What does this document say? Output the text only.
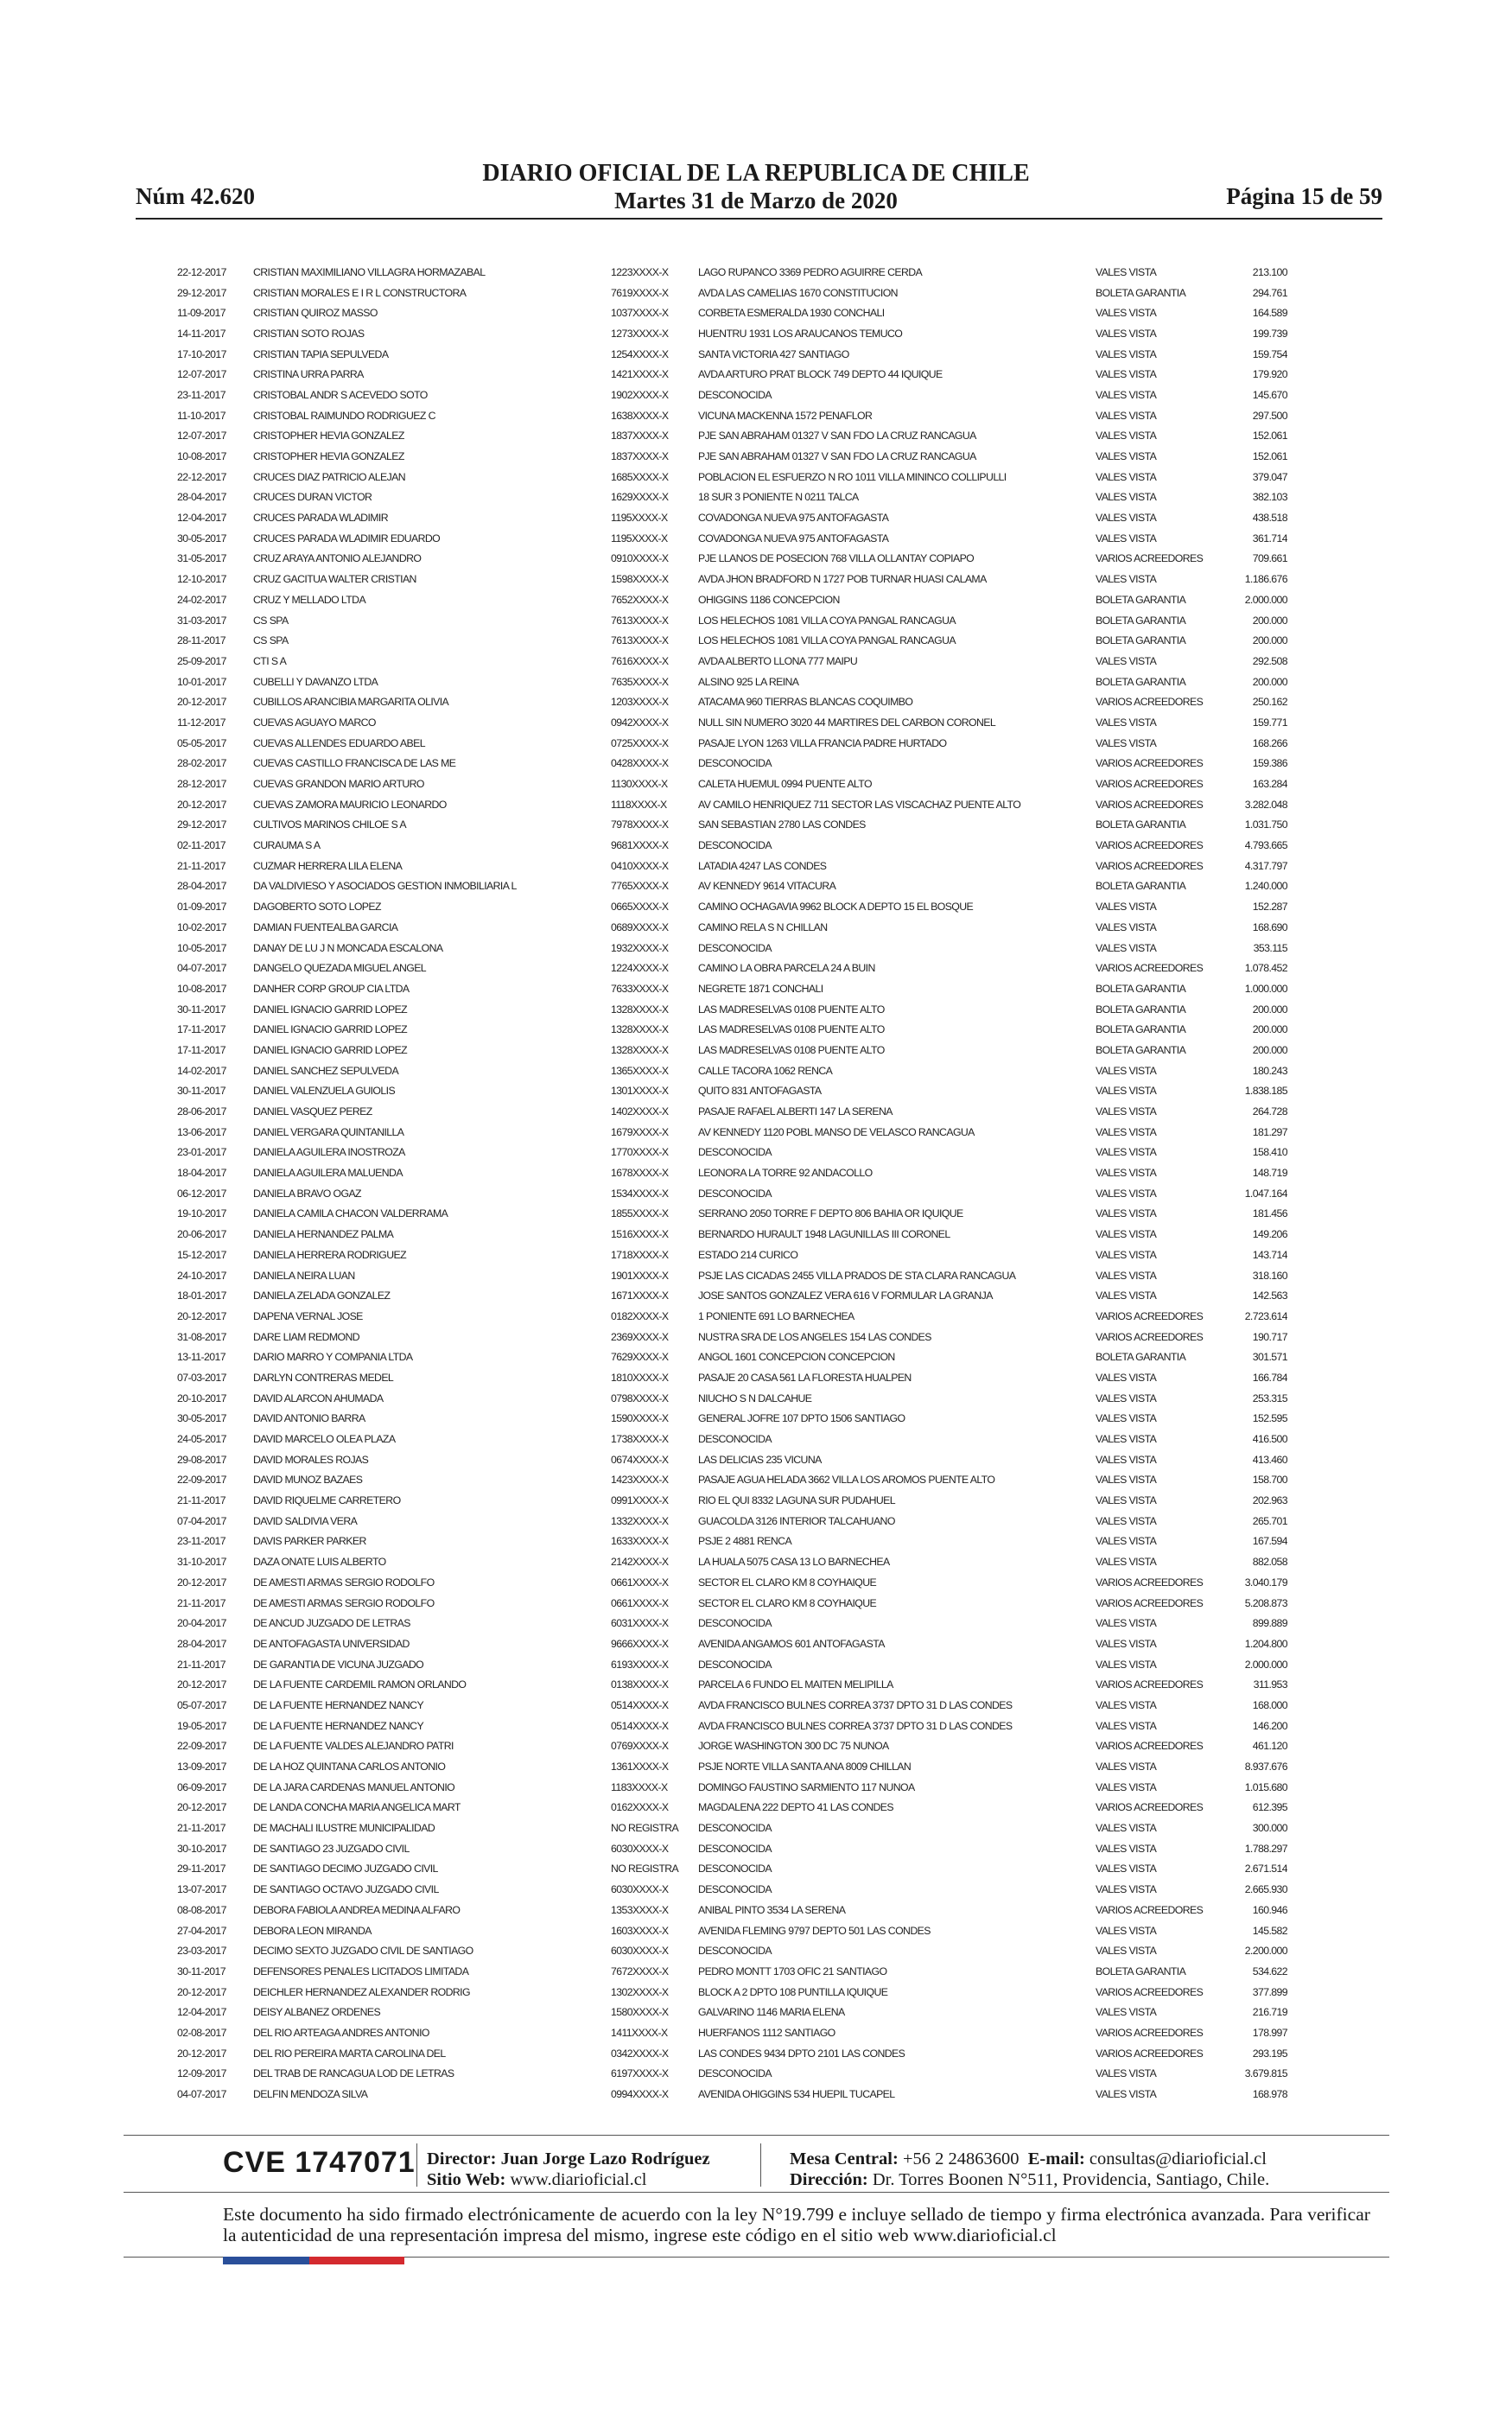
Núm 42.620
DIARIO OFICIAL DE LA REPUBLICA DE CHILE
Martes 31 de Marzo de 2020	Página 15 de 59
22-12-2017	CRISTIAN MAXIMILIANO VILLAGRA HORMAZABAL	1223XXXX-X	LAGO RUPANCO 3369 PEDRO AGUIRRE CERDA	VALES VISTA	213.100
29-12-2017	CRISTIAN MORALES E I R L CONSTRUCTORA	7619XXXX-X	AVDA LAS CAMELIAS 1670 CONSTITUCION	BOLETA GARANTIA	294.761
11-09-2017	CRISTIAN QUIROZ MASSO	1037XXXX-X	CORBETA ESMERALDA 1930 CONCHALI	VALES VISTA	164.589
14-11-2017	CRISTIAN SOTO ROJAS	1273XXXX-X	HUENTRU 1931 LOS ARAUCANOS TEMUCO	VALES VISTA	199.739
17-10-2017	CRISTIAN TAPIA SEPULVEDA	1254XXXX-X	SANTA VICTORIA 427 SANTIAGO	VALES VISTA	159.754
12-07-2017	CRISTINA URRA PARRA	1421XXXX-X	AVDA ARTURO PRAT BLOCK 749 DEPTO 44 IQUIQUE	VALES VISTA	179.920
23-11-2017	CRISTOBAL ANDR S ACEVEDO SOTO	1902XXXX-X	DESCONOCIDA	VALES VISTA	145.670
11-10-2017	CRISTOBAL RAIMUNDO RODRIGUEZ C	1638XXXX-X	VICUNA MACKENNA 1572 PENAFLOR	VALES VISTA	297.500
12-07-2017	CRISTOPHER HEVIA GONZALEZ	1837XXXX-X	PJE SAN ABRAHAM 01327 V SAN FDO LA CRUZ RANCAGUA	VALES VISTA	152.061
10-08-2017	CRISTOPHER HEVIA GONZALEZ	1837XXXX-X	PJE SAN ABRAHAM 01327 V SAN FDO LA CRUZ RANCAGUA	VALES VISTA	152.061
22-12-2017	CRUCES DIAZ PATRICIO ALEJAN	1685XXXX-X	POBLACION EL ESFUERZO N RO 1011 VILLA MININCO COLLIPULLI	VALES VISTA	379.047
28-04-2017	CRUCES DURAN VICTOR	1629XXXX-X	18 SUR 3 PONIENTE N 0211 TALCA	VALES VISTA	382.103
12-04-2017	CRUCES PARADA WLADIMIR	1195XXXX-X	COVADONGA NUEVA 975 ANTOFAGASTA	VALES VISTA	438.518
30-05-2017	CRUCES PARADA WLADIMIR EDUARDO	1195XXXX-X	COVADONGA NUEVA 975 ANTOFAGASTA	VALES VISTA	361.714
31-05-2017	CRUZ ARAYA ANTONIO ALEJANDRO	0910XXXX-X	PJE LLANOS DE POSECION 768 VILLA OLLANTAY COPIAPO	VARIOS ACREEDORES	709.661
12-10-2017	CRUZ GACITUA WALTER CRISTIAN	1598XXXX-X	AVDA JHON BRADFORD N 1727 POB TURNAR HUASI CALAMA	VALES VISTA	1.186.676
24-02-2017	CRUZ Y MELLADO LTDA	7652XXXX-X	OHIGGINS 1186 CONCEPCION	BOLETA GARANTIA	2.000.000
31-03-2017	CS SPA	7613XXXX-X	LOS HELECHOS 1081 VILLA COYA PANGAL RANCAGUA	BOLETA GARANTIA	200.000
28-11-2017	CS SPA	7613XXXX-X	LOS HELECHOS 1081 VILLA COYA PANGAL RANCAGUA	BOLETA GARANTIA	200.000
25-09-2017	CTI S A	7616XXXX-X	AVDA ALBERTO LLONA 777 MAIPU	VALES VISTA	292.508
10-01-2017	CUBELLI Y DAVANZO LTDA	7635XXXX-X	ALSINO 925 LA REINA	BOLETA GARANTIA	200.000
20-12-2017	CUBILLOS ARANCIBIA MARGARITA OLIVIA	1203XXXX-X	ATACAMA 960 TIERRAS BLANCAS COQUIMBO	VARIOS ACREEDORES	250.162
11-12-2017	CUEVAS AGUAYO MARCO	0942XXXX-X	NULL SIN NUMERO 3020 44 MARTIRES DEL CARBON CORONEL	VALES VISTA	159.771
05-05-2017	CUEVAS ALLENDES EDUARDO ABEL	0725XXXX-X	PASAJE LYON 1263 VILLA FRANCIA PADRE HURTADO	VALES VISTA	168.266
28-02-2017	CUEVAS CASTILLO FRANCISCA DE LAS ME	0428XXXX-X	DESCONOCIDA	VARIOS ACREEDORES	159.386
28-12-2017	CUEVAS GRANDON MARIO ARTURO	1130XXXX-X	CALETA HUEMUL 0994 PUENTE ALTO	VARIOS ACREEDORES	163.284
20-12-2017	CUEVAS ZAMORA MAURICIO LEONARDO	1118XXXX-X	AV CAMILO HENRIQUEZ 711 SECTOR LAS VISCACHAZ PUENTE ALTO	VARIOS ACREEDORES	3.282.048
29-12-2017	CULTIVOS MARINOS CHILOE S A	7978XXXX-X	SAN SEBASTIAN 2780 LAS CONDES	BOLETA GARANTIA	1.031.750
02-11-2017	CURAUMA S A	9681XXXX-X	DESCONOCIDA	VARIOS ACREEDORES	4.793.665
21-11-2017	CUZMAR HERRERA LILA ELENA	0410XXXX-X	LATADIA 4247 LAS CONDES	VARIOS ACREEDORES	4.317.797
28-04-2017	DA VALDIVIESO Y ASOCIADOS GESTION INMOBILIARIA L	7765XXXX-X	AV KENNEDY 9614 VITACURA	BOLETA GARANTIA	1.240.000
01-09-2017	DAGOBERTO SOTO LOPEZ	0665XXXX-X	CAMINO OCHAGAVIA 9962 BLOCK A DEPTO 15 EL BOSQUE	VALES VISTA	152.287
10-02-2017	DAMIAN FUENTEALBA GARCIA	0689XXXX-X	CAMINO RELA S N CHILLAN	VALES VISTA	168.690
10-05-2017	DANAY DE LU J N MONCADA ESCALONA	1932XXXX-X	DESCONOCIDA	VALES VISTA	353.115
04-07-2017	DANGELO QUEZADA MIGUEL ANGEL	1224XXXX-X	CAMINO LA OBRA PARCELA 24 A BUIN	VARIOS ACREEDORES	1.078.452
10-08-2017	DANHER CORP GROUP CIA LTDA	7633XXXX-X	NEGRETE 1871 CONCHALI	BOLETA GARANTIA	1.000.000
30-11-2017	DANIEL IGNACIO GARRID LOPEZ	1328XXXX-X	LAS MADRESELVAS 0108 PUENTE ALTO	BOLETA GARANTIA	200.000
17-11-2017	DANIEL IGNACIO GARRID LOPEZ	1328XXXX-X	LAS MADRESELVAS 0108 PUENTE ALTO	BOLETA GARANTIA	200.000
17-11-2017	DANIEL IGNACIO GARRID LOPEZ	1328XXXX-X	LAS MADRESELVAS 0108 PUENTE ALTO	BOLETA GARANTIA	200.000
14-02-2017	DANIEL SANCHEZ SEPULVEDA	1365XXXX-X	CALLE TACORA 1062 RENCA	VALES VISTA	180.243
30-11-2017	DANIEL VALENZUELA GUIOLIS	1301XXXX-X	QUITO 831 ANTOFAGASTA	VALES VISTA	1.838.185
28-06-2017	DANIEL VASQUEZ PEREZ	1402XXXX-X	PASAJE RAFAEL ALBERTI 147 LA SERENA	VALES VISTA	264.728
13-06-2017	DANIEL VERGARA QUINTANILLA	1679XXXX-X	AV KENNEDY 1120 POBL MANSO DE VELASCO RANCAGUA	VALES VISTA	181.297
23-01-2017	DANIELA AGUILERA INOSTROZA	1770XXXX-X	DESCONOCIDA	VALES VISTA	158.410
18-04-2017	DANIELA AGUILERA MALUENDA	1678XXXX-X	LEONORA LA TORRE 92 ANDACOLLO	VALES VISTA	148.719
06-12-2017	DANIELA BRAVO OGAZ	1534XXXX-X	DESCONOCIDA	VALES VISTA	1.047.164
19-10-2017	DANIELA CAMILA CHACON VALDERRAMA	1855XXXX-X	SERRANO 2050 TORRE F DEPTO 806 BAHIA OR IQUIQUE	VALES VISTA	181.456
20-06-2017	DANIELA HERNANDEZ PALMA	1516XXXX-X	BERNARDO HURAULT 1948 LAGUNILLAS III CORONEL	VALES VISTA	149.206
15-12-2017	DANIELA HERRERA RODRIGUEZ	1718XXXX-X	ESTADO 214 CURICO	VALES VISTA	143.714
24-10-2017	DANIELA NEIRA LUAN	1901XXXX-X	PSJE LAS CICADAS 2455 VILLA PRADOS DE STA CLARA RANCAGUA	VALES VISTA	318.160
18-01-2017	DANIELA ZELADA GONZALEZ	1671XXXX-X	JOSE SANTOS GONZALEZ VERA 616 V FORMULAR LA GRANJA	VALES VISTA	142.563
20-12-2017	DAPENA VERNAL JOSE	0182XXXX-X	1 PONIENTE 691 LO BARNECHEA	VARIOS ACREEDORES	2.723.614
31-08-2017	DARE LIAM REDMOND	2369XXXX-X	NUSTRA SRA DE LOS ANGELES 154 LAS CONDES	VARIOS ACREEDORES	190.717
13-11-2017	DARIO MARRO Y COMPANIA LTDA	7629XXXX-X	ANGOL 1601 CONCEPCION CONCEPCION	BOLETA GARANTIA	301.571
07-03-2017	DARLYN CONTRERAS MEDEL	1810XXXX-X	PASAJE 20 CASA 561 LA FLORESTA HUALPEN	VALES VISTA	166.784
20-10-2017	DAVID ALARCON AHUMADA	0798XXXX-X	NIUCHO S N DALCAHUE	VALES VISTA	253.315
30-05-2017	DAVID ANTONIO BARRA	1590XXXX-X	GENERAL JOFRE 107 DPTO 1506 SANTIAGO	VALES VISTA	152.595
24-05-2017	DAVID MARCELO OLEA PLAZA	1738XXXX-X	DESCONOCIDA	VALES VISTA	416.500
29-08-2017	DAVID MORALES ROJAS	0674XXXX-X	LAS DELICIAS 235 VICUNA	VALES VISTA	413.460
22-09-2017	DAVID MUNOZ BAZAES	1423XXXX-X	PASAJE AGUA HELADA 3662 VILLA LOS AROMOS PUENTE ALTO	VALES VISTA	158.700
21-11-2017	DAVID RIQUELME CARRETERO	0991XXXX-X	RIO EL QUI 8332 LAGUNA SUR PUDAHUEL	VALES VISTA	202.963
07-04-2017	DAVID SALDIVIA VERA	1332XXXX-X	GUACOLDA 3126 INTERIOR TALCAHUANO	VALES VISTA	265.701
23-11-2017	DAVIS PARKER PARKER	1633XXXX-X	PSJE 2 4881 RENCA	VALES VISTA	167.594
31-10-2017	DAZA ONATE LUIS ALBERTO	2142XXXX-X	LA HUALA 5075 CASA 13 LO BARNECHEA	VALES VISTA	882.058
20-12-2017	DE AMESTI ARMAS SERGIO RODOLFO	0661XXXX-X	SECTOR EL CLARO KM 8 COYHAIQUE	VARIOS ACREEDORES	3.040.179
21-11-2017	DE AMESTI ARMAS SERGIO RODOLFO	0661XXXX-X	SECTOR EL CLARO KM 8 COYHAIQUE	VARIOS ACREEDORES	5.208.873
20-04-2017	DE ANCUD JUZGADO DE LETRAS	6031XXXX-X	DESCONOCIDA	VALES VISTA	899.889
28-04-2017	DE ANTOFAGASTA UNIVERSIDAD	9666XXXX-X	AVENIDA ANGAMOS 601 ANTOFAGASTA	VALES VISTA	1.204.800
21-11-2017	DE GARANTIA DE VICUNA JUZGADO	6193XXXX-X	DESCONOCIDA	VALES VISTA	2.000.000
20-12-2017	DE LA FUENTE CARDEMIL RAMON ORLANDO	0138XXXX-X	PARCELA 6 FUNDO EL MAITEN MELIPILLA	VARIOS ACREEDORES	311.953
05-07-2017	DE LA FUENTE HERNANDEZ NANCY	0514XXXX-X	AVDA FRANCISCO BULNES CORREA 3737 DPTO 31 D LAS CONDES	VALES VISTA	168.000
19-05-2017	DE LA FUENTE HERNANDEZ NANCY	0514XXXX-X	AVDA FRANCISCO BULNES CORREA 3737 DPTO 31 D LAS CONDES	VALES VISTA	146.200
22-09-2017	DE LA FUENTE VALDES ALEJANDRO PATRI	0769XXXX-X	JORGE WASHINGTON 300 DC 75 NUNOA	VARIOS ACREEDORES	461.120
13-09-2017	DE LA HOZ QUINTANA CARLOS ANTONIO	1361XXXX-X	PSJE NORTE VILLA SANTA ANA 8009 CHILLAN	VALES VISTA	8.937.676
06-09-2017	DE LA JARA CARDENAS MANUEL ANTONIO	1183XXXX-X	DOMINGO FAUSTINO SARMIENTO 117 NUNOA	VALES VISTA	1.015.680
20-12-2017	DE LANDA CONCHA MARIA ANGELICA MART	0162XXXX-X	MAGDALENA 222 DEPTO 41 LAS CONDES	VARIOS ACREEDORES	612.395
21-11-2017	DE MACHALI ILUSTRE MUNICIPALIDAD	NO REGISTRA	DESCONOCIDA	VALES VISTA	300.000
30-10-2017	DE SANTIAGO 23 JUZGADO CIVIL	6030XXXX-X	DESCONOCIDA	VALES VISTA	1.788.297
29-11-2017	DE SANTIAGO DECIMO JUZGADO CIVIL	NO REGISTRA	DESCONOCIDA	VALES VISTA	2.671.514
13-07-2017	DE SANTIAGO OCTAVO JUZGADO CIVIL	6030XXXX-X	DESCONOCIDA	VALES VISTA	2.665.930
08-08-2017	DEBORA FABIOLA ANDREA MEDINA ALFARO	1353XXXX-X	ANIBAL PINTO 3534 LA SERENA	VARIOS ACREEDORES	160.946
27-04-2017	DEBORA LEON MIRANDA	1603XXXX-X	AVENIDA FLEMING 9797 DEPTO 501 LAS CONDES	VALES VISTA	145.582
23-03-2017	DECIMO SEXTO JUZGADO CIVIL DE SANTIAGO	6030XXXX-X	DESCONOCIDA	VALES VISTA	2.200.000
30-11-2017	DEFENSORES PENALES LICITADOS LIMITADA	7672XXXX-X	PEDRO MONTT 1703 OFIC 21 SANTIAGO	BOLETA GARANTIA	534.622
20-12-2017	DEICHLER HERNANDEZ ALEXANDER RODRIG	1302XXXX-X	BLOCK A 2 DPTO 108 PUNTILLA IQUIQUE	VARIOS ACREEDORES	377.899
12-04-2017	DEISY ALBANEZ ORDENES	1580XXXX-X	GALVARINO 1146 MARIA ELENA	VALES VISTA	216.719
02-08-2017	DEL RIO ARTEAGA ANDRES ANTONIO	1411XXXX-X	HUERFANOS 1112 SANTIAGO	VARIOS ACREEDORES	178.997
20-12-2017	DEL RIO PEREIRA MARTA CAROLINA DEL	0342XXXX-X	LAS CONDES 9434 DPTO 2101 LAS CONDES	VARIOS ACREEDORES	293.195
12-09-2017	DEL TRAB DE RANCAGUA LOD DE LETRAS	6197XXXX-X	DESCONOCIDA	VALES VISTA	3.679.815
04-07-2017	DELFIN MENDOZA SILVA	0994XXXX-X	AVENIDA OHIGGINS 534 HUEPIL TUCAPEL	VALES VISTA	168.978
CVE 1747071 Director: Juan Jorge Lazo Rodríguez
Sitio Web: www.diarioficial.cl
Mesa Central: +56 2 24863600 E-mail: consultas@diarioficial.cl
Dirección: Dr. Torres Boonen N°511, Providencia, Santiago, Chile.
Este documento ha sido firmado electrónicamente de acuerdo con la ley N°19.799 e incluye sellado de tiempo y firma electrónica avanzada. Para verificar la autenticidad de una representación impresa del mismo, ingrese este código en el sitio web www.diarioficial.cl
